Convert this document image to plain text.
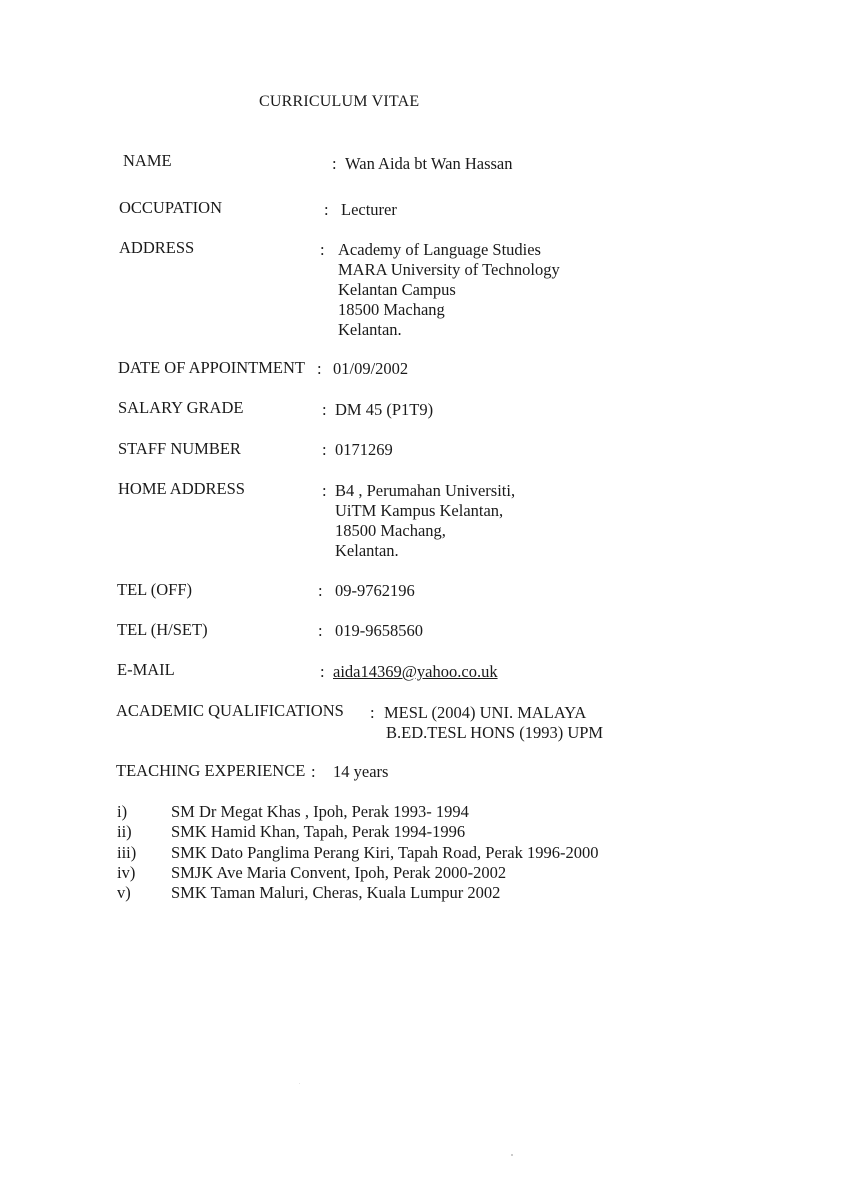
CURRICULUM VITAE
NAME	: Wan Aida bt Wan Hassan
OCCUPATION	: Lecturer
ADDRESS	: Academy of Language Studies
MARA University of Technology
Kelantan Campus
18500 Machang
Kelantan.
DATE OF APPOINTMENT : 01/09/2002
SALARY GRADE	: DM 45 (P1T9)
STAFF NUMBER	: 0171269
HOME ADDRESS	: B4 , Perumahan Universiti,
UiTM Kampus Kelantan,
18500 Machang,
Kelantan.
TEL (OFF)	: 09-9762196
TEL (H/SET)	: 019-9658560
E-MAIL	: aida14369@yahoo.co.uk
ACADEMIC QUALIFICATIONS : MESL (2004) UNI. MALAYA
B.ED.TESL HONS (1993) UPM
TEACHING EXPERIENCE : 14 years
i)	SM Dr Megat Khas , Ipoh, Perak 1993- 1994
ii) SMK Hamid Khan, Tapah, Perak 1994-1996
iii) SMK Dato Panglima Perang Kiri, Tapah Road, Perak 1996-2000
iv) SMJK Ave Maria Convent, Ipoh, Perak 2000-2002
v) SMK Taman Maluri, Cheras, Kuala Lumpur 2002
